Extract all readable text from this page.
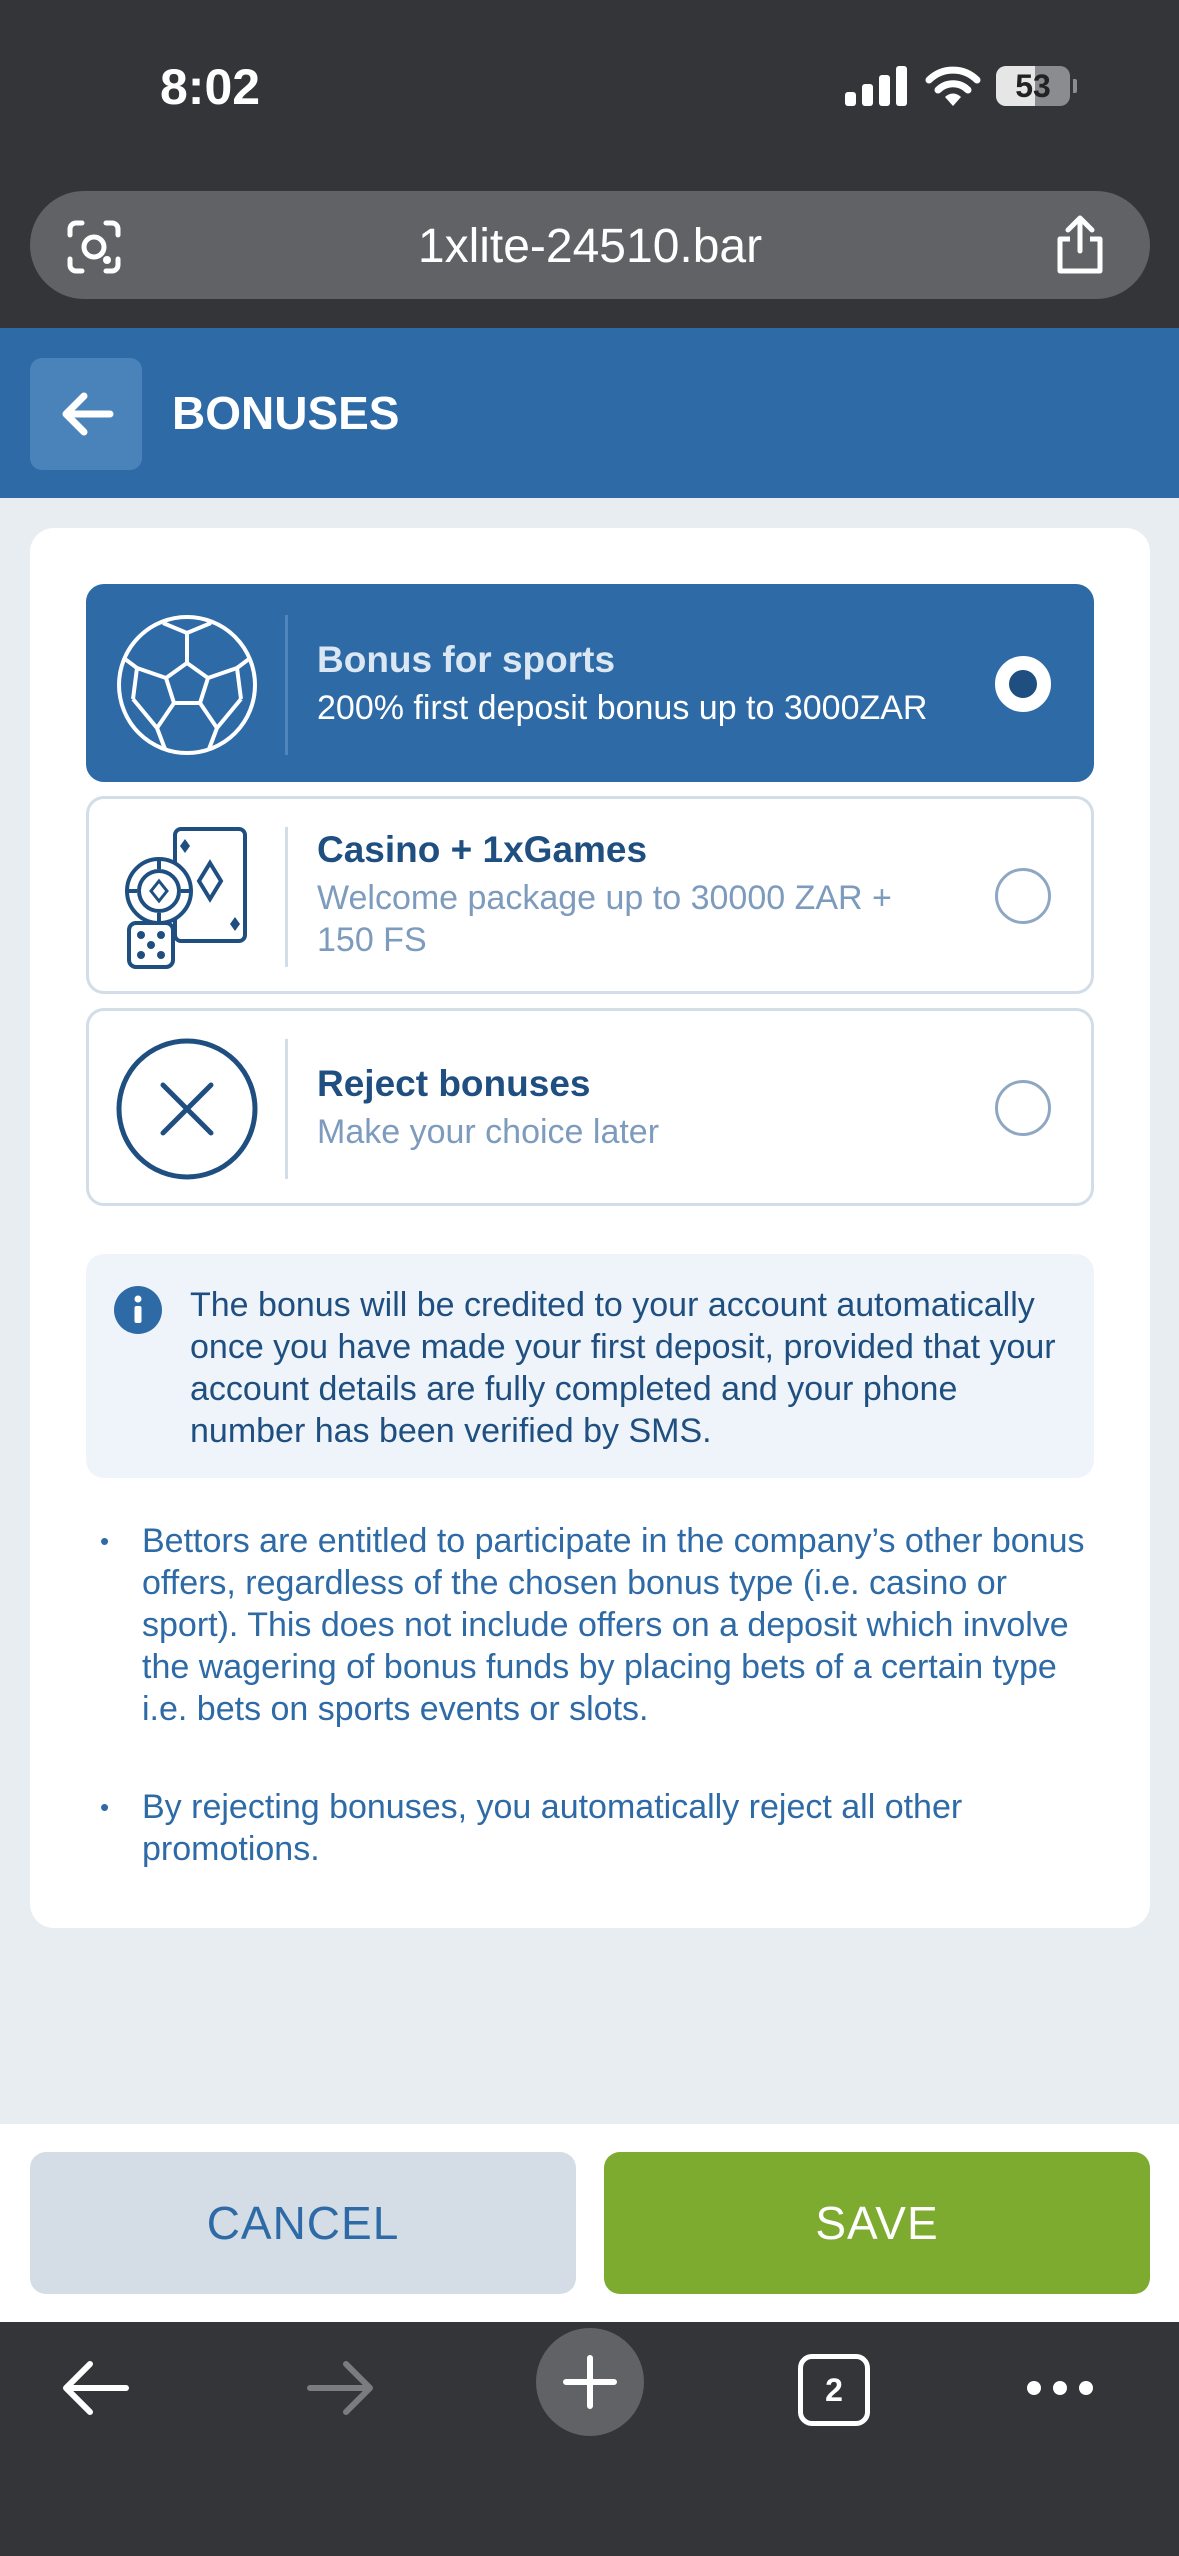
8:02	53
1xlite-24510.bar
BONUSES
Bonus for sports
200% first deposit bonus up to 3000ZAR
Casino + 1xGames
Welcome package up to 30000 ZAR + 150 FS
Reject bonuses
Make your choice later
The bonus will be credited to your account automatically once you have made your first deposit, provided that your account details are fully completed and your phone number has been verified by SMS.
• Bettors are entitled to participate in the company’s other bonus offers, regardless of the chosen bonus type (i.e. casino or sport). This does not include offers on a deposit which involve the wagering of bonus funds by placing bets of a certain type i.e. bets on sports events or slots.
• By rejecting bonuses, you automatically reject all other promotions.
CANCEL	SAVE
2
